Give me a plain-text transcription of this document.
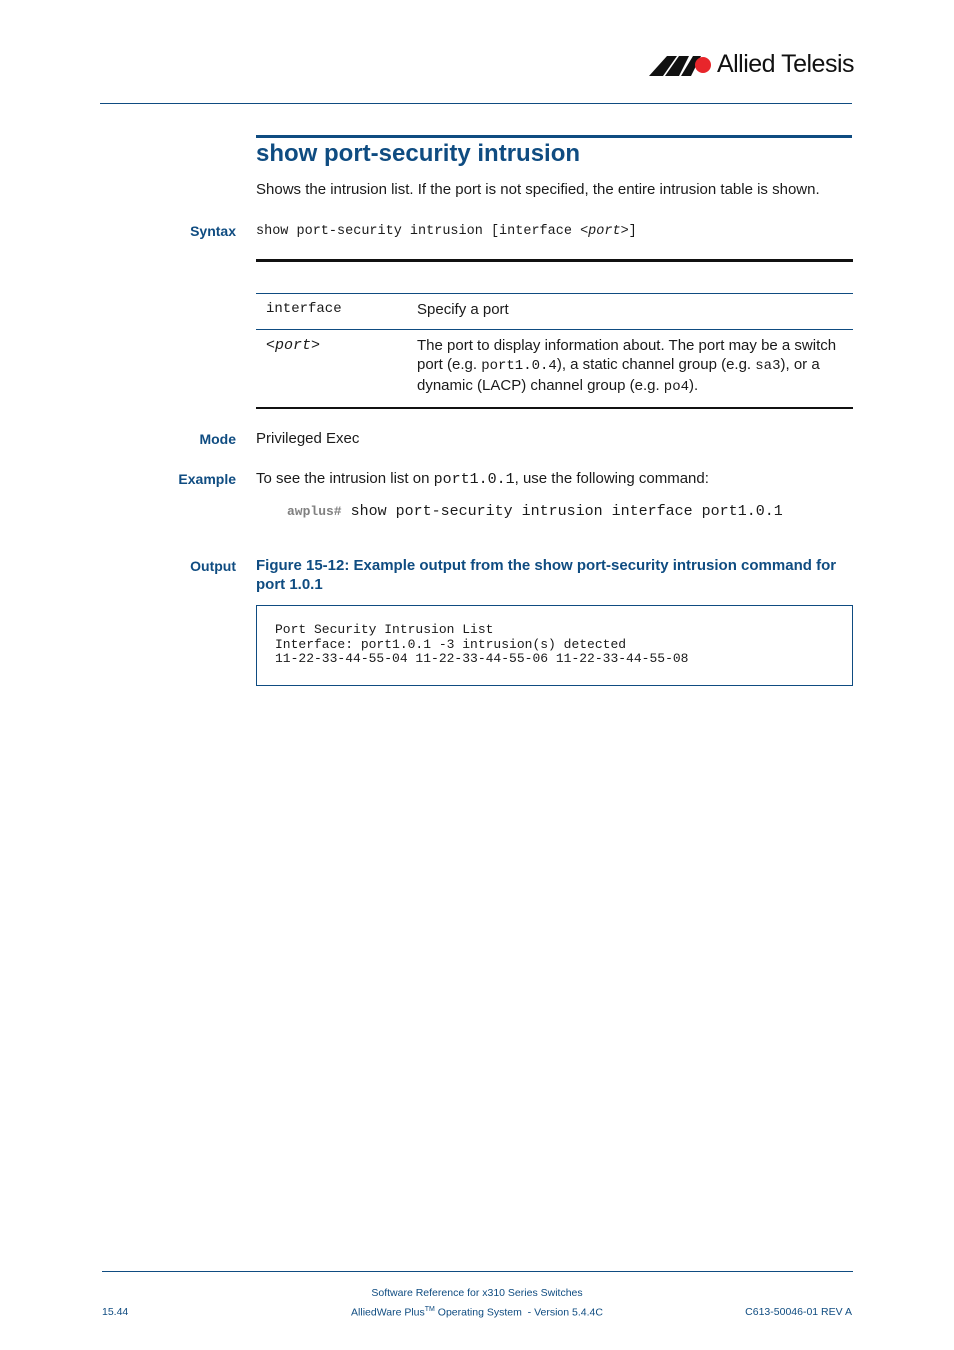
Allied Telesis
show port-security intrusion
Shows the intrusion list. If the port is not specified, the entire intrusion table is shown.
Syntax show port-security intrusion [interface <port>]

interface	Specify a port
<port>	The port to display information about. The port may be a switch port (e.g. port1.0.4), a static channel group (e.g. sa3), or a dynamic (LACP) channel group (e.g. po4).
Mode Privileged Exec
Example To see the intrusion list on port1.0.1, use the following command:
awplus# show port-security intrusion interface port1.0.1
Output Figure 15-12: Example output from the show port-security intrusion command for
port 1.0.1
Port Security Intrusion List
Interface: port1.0.1 -3 intrusion(s) detected
11-22-33-44-55-04 11-22-33-44-55-06 11-22-33-44-55-08
Software Reference for x310 Series Switches
AlliedWare Plus™ Operating System  - Version 5.4.4C
15.44	C613-50046-01 REV A
